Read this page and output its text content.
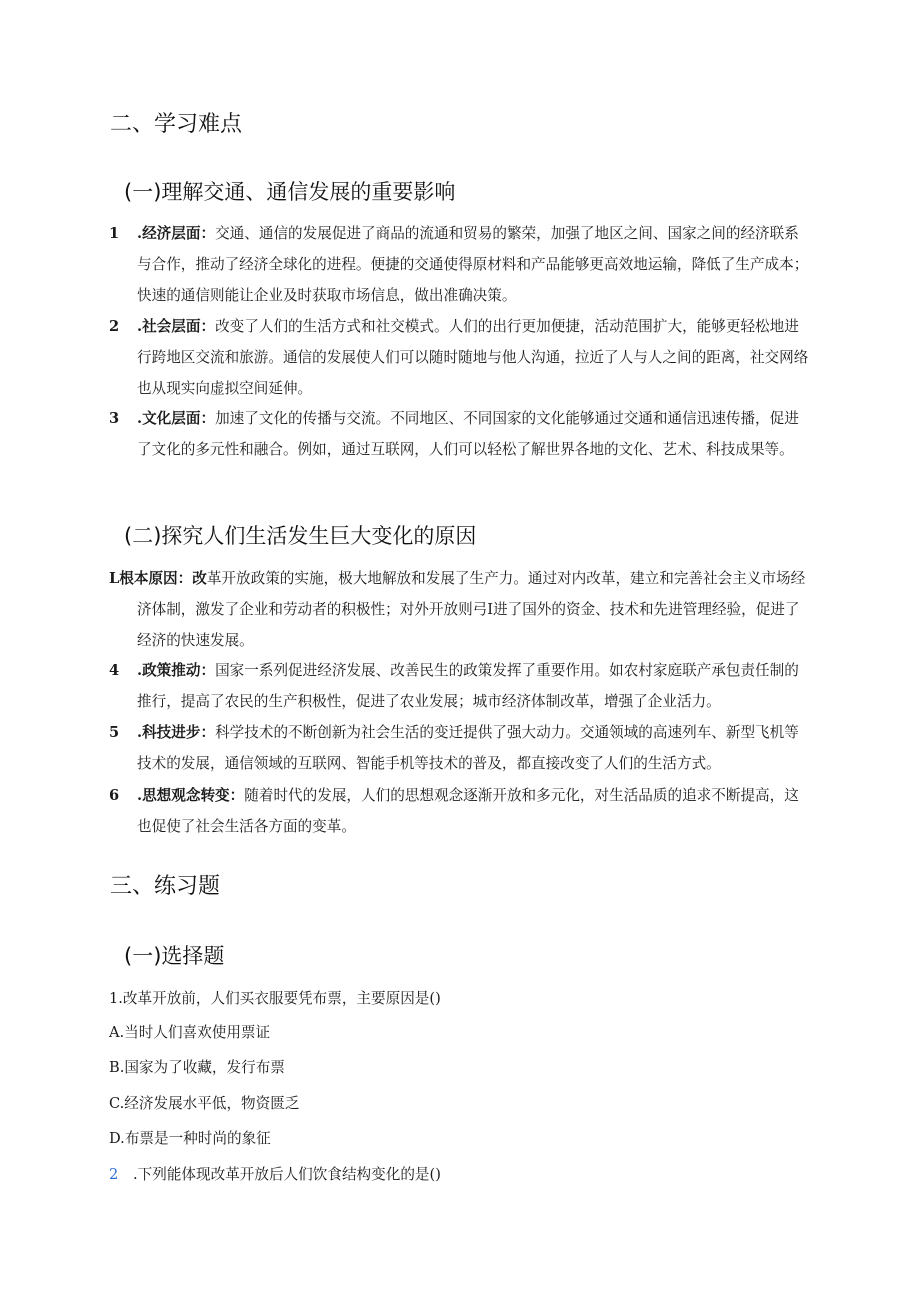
二、学习难点
(一)理解交通、通信发展的重要影响
1	.经济层面：交通、通信的发展促进了商品的流通和贸易的繁荣，加强了地区之间、国家之间的经济联系与合作，推动了经济全球化的进程。便捷的交通使得原材料和产品能够更高效地运输，降低了生产成本；快速的通信则能让企业及时获取市场信息，做出准确决策。
2	.社会层面：改变了人们的生活方式和社交模式。人们的出行更加便捷，活动范围扩大，能够更轻松地进行跨地区交流和旅游。通信的发展使人们可以随时随地与他人沟通，拉近了人与人之间的距离，社交网络也从现实向虚拟空间延伸。
3	.文化层面：加速了文化的传播与交流。不同地区、不同国家的文化能够通过交通和通信迅速传播，促进了文化的多元性和融合。例如，通过互联网，人们可以轻松了解世界各地的文化、艺术、科技成果等。
(二)探究人们生活发生巨大变化的原因
L根本原因：改革开放政策的实施，极大地解放和发展了生产力。通过对内改革，建立和完善社会主义市场经济体制，激发了企业和劳动者的积极性；对外开放则弓I进了国外的资金、技术和先进管理经验，促进了经济的快速发展。
4	.政策推动：国家一系列促进经济发展、改善民生的政策发挥了重要作用。如农村家庭联产承包责任制的推行，提高了农民的生产积极性，促进了农业发展；城市经济体制改革，增强了企业活力。
5	.科技进步：科学技术的不断创新为社会生活的变迁提供了强大动力。交通领域的高速列车、新型飞机等技术的发展，通信领域的互联网、智能手机等技术的普及，都直接改变了人们的生活方式。
6	.思想观念转变：随着时代的发展，人们的思想观念逐渐开放和多元化，对生活品质的追求不断提高，这也促使了社会生活各方面的变革。
三、练习题
(一)选择题
1.改革开放前，人们买衣服要凭布票，主要原因是()
A.当时人们喜欢使用票证
B.国家为了收藏，发行布票
C.经济发展水平低，物资匮乏
D.布票是一种时尚的象征
2 .下列能体现改革开放后人们饮食结构变化的是()
